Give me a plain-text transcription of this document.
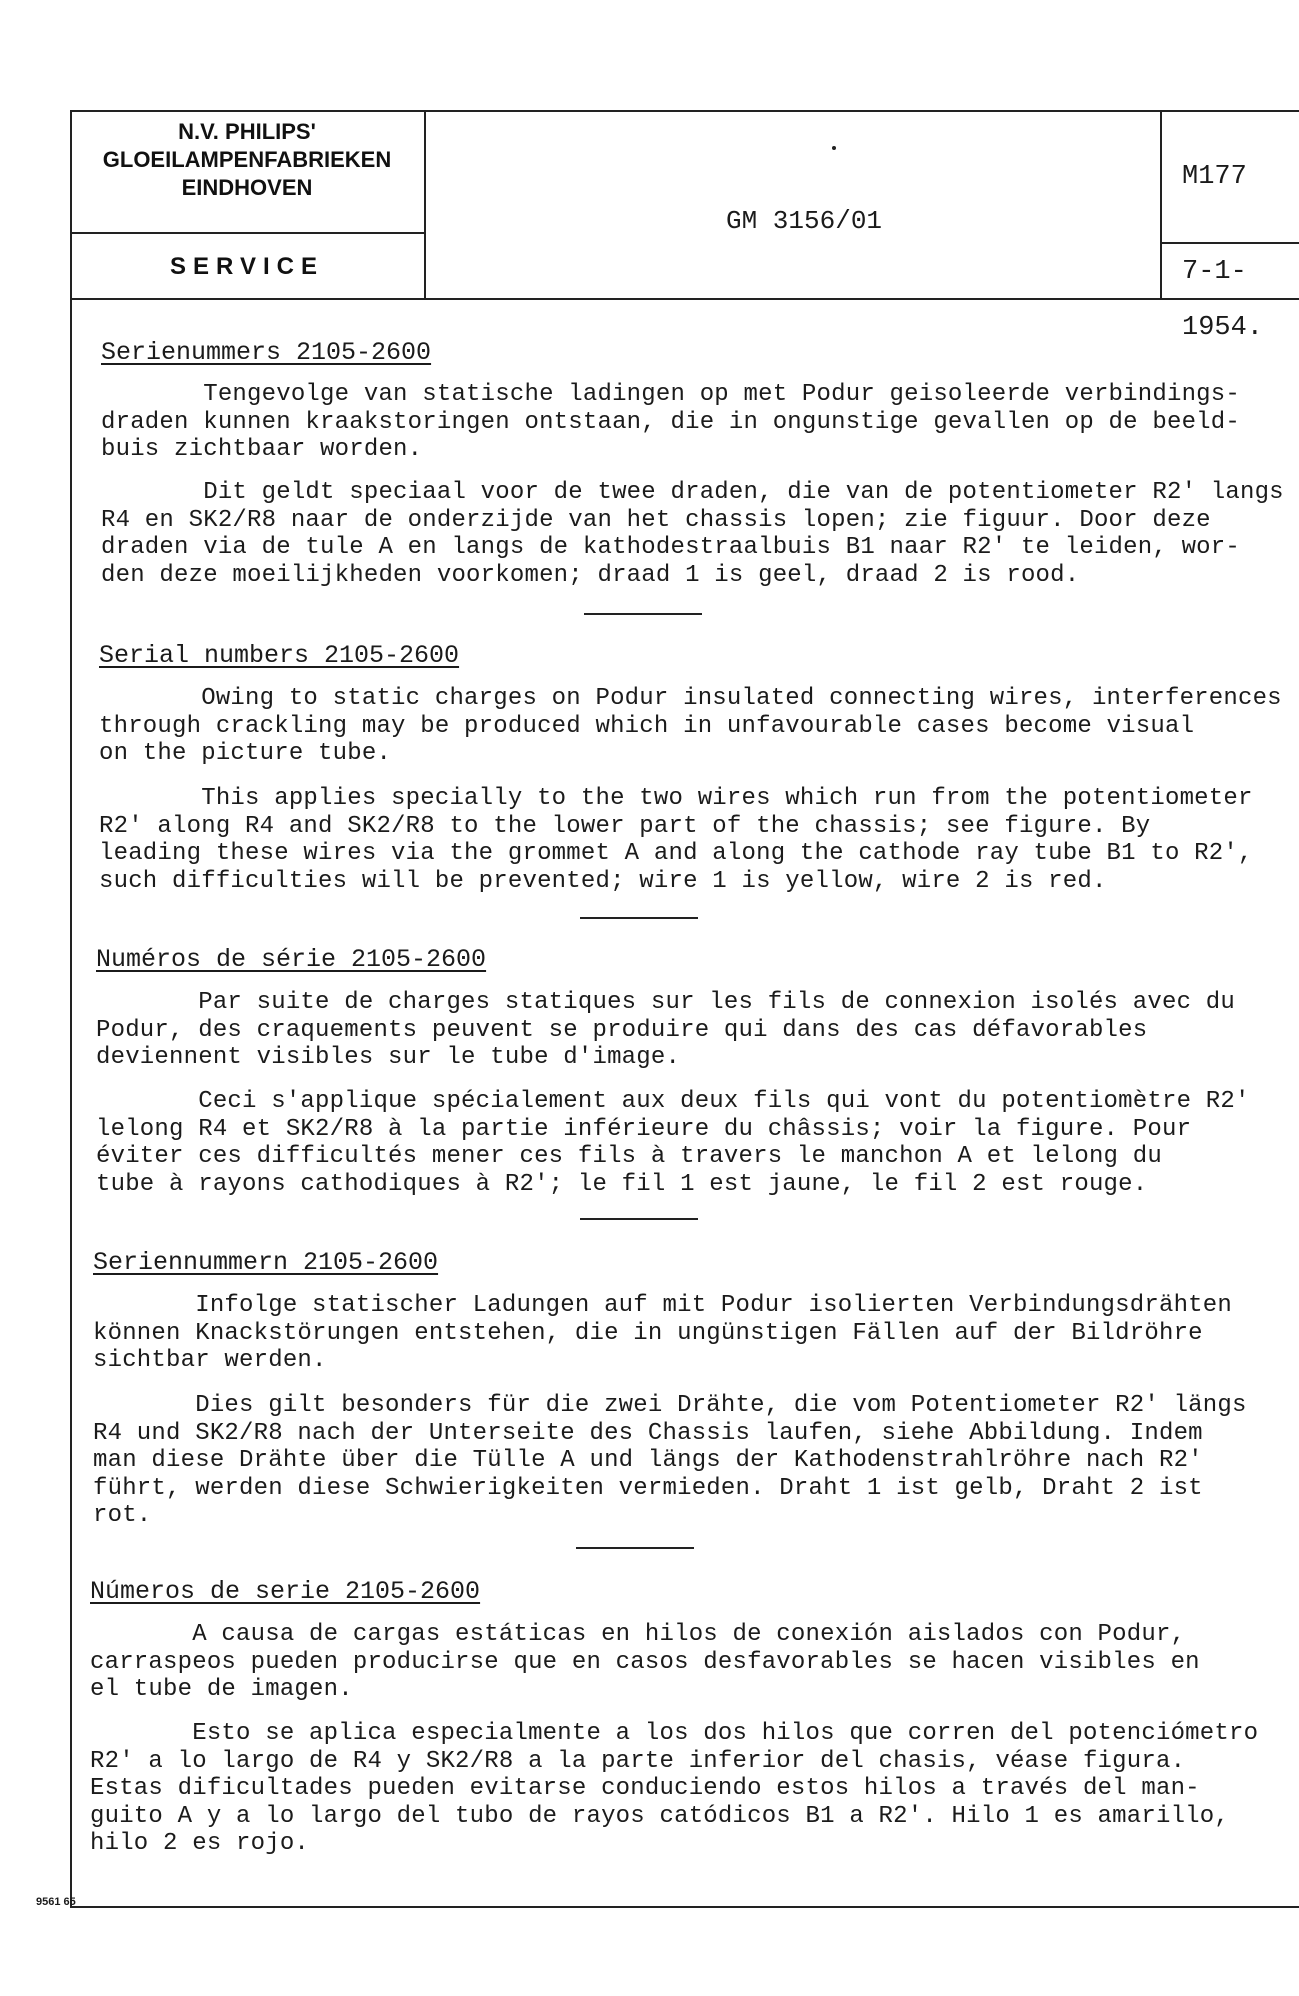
N.V. PHILIPS'
GLOEILAMPENFABRIEKEN
EINDHOVEN
SERVICE
GM 3156/01
M177
7-1-1954.
Serienummers 2105-2600
Tengevolge van statische ladingen op met Podur geisoleerde verbindings-
draden kunnen kraakstoringen ontstaan, die in ongunstige gevallen op de beeld-
buis zichtbaar worden.
Dit geldt speciaal voor de twee draden, die van de potentiometer R2' langs
R4 en SK2/R8 naar de onderzijde van het chassis lopen; zie figuur. Door deze
draden via de tule A en langs de kathodestraalbuis B1 naar R2' te leiden, wor-
den deze moeilijkheden voorkomen; draad 1 is geel, draad 2 is rood.
Serial numbers 2105-2600
Owing to static charges on Podur insulated connecting wires, interferences
through crackling may be produced which in unfavourable cases become visual
on the picture tube.
This applies specially to the two wires which run from the potentiometer
R2' along R4 and SK2/R8 to the lower part of the chassis; see figure. By
leading these wires via the grommet A and along the cathode ray tube B1 to R2',
such difficulties will be prevented; wire 1 is yellow, wire 2 is red.
Numéros de série 2105-2600
Par suite de charges statiques sur les fils de connexion isolés avec du
Podur, des craquements peuvent se produire qui dans des cas défavorables
deviennent visibles sur le tube d'image.
Ceci s'applique spécialement aux deux fils qui vont du potentiomètre R2'
lelong R4 et SK2/R8 à la partie inférieure du châssis; voir la figure. Pour
éviter ces difficultés mener ces fils à travers le manchon A et lelong du
tube à rayons cathodiques à R2'; le fil 1 est jaune, le fil 2 est rouge.
Seriennummern 2105-2600
Infolge statischer Ladungen auf mit Podur isolierten Verbindungsdrähten
können Knackstörungen entstehen, die in ungünstigen Fällen auf der Bildröhre
sichtbar werden.
Dies gilt besonders für die zwei Drähte, die vom Potentiometer R2' längs
R4 und SK2/R8 nach der Unterseite des Chassis laufen, siehe Abbildung. Indem
man diese Drähte über die Tülle A und längs der Kathodenstrahlröhre nach R2'
führt, werden diese Schwierigkeiten vermieden. Draht 1 ist gelb, Draht 2 ist
rot.
Números de serie 2105-2600
A causa de cargas estáticas en hilos de conexión aislados con Podur,
carraspeos pueden producirse que en casos desfavorables se hacen visibles en
el tube de imagen.
Esto se aplica especialmente a los dos hilos que corren del potenciómetro
R2' a lo largo de R4 y SK2/R8 a la parte inferior del chasis, véase figura.
Estas dificultades pueden evitarse conduciendo estos hilos a través del man-
guito A y a lo largo del tubo de rayos catódicos B1 a R2'. Hilo 1 es amarillo,
hilo 2 es rojo.
9561 65
